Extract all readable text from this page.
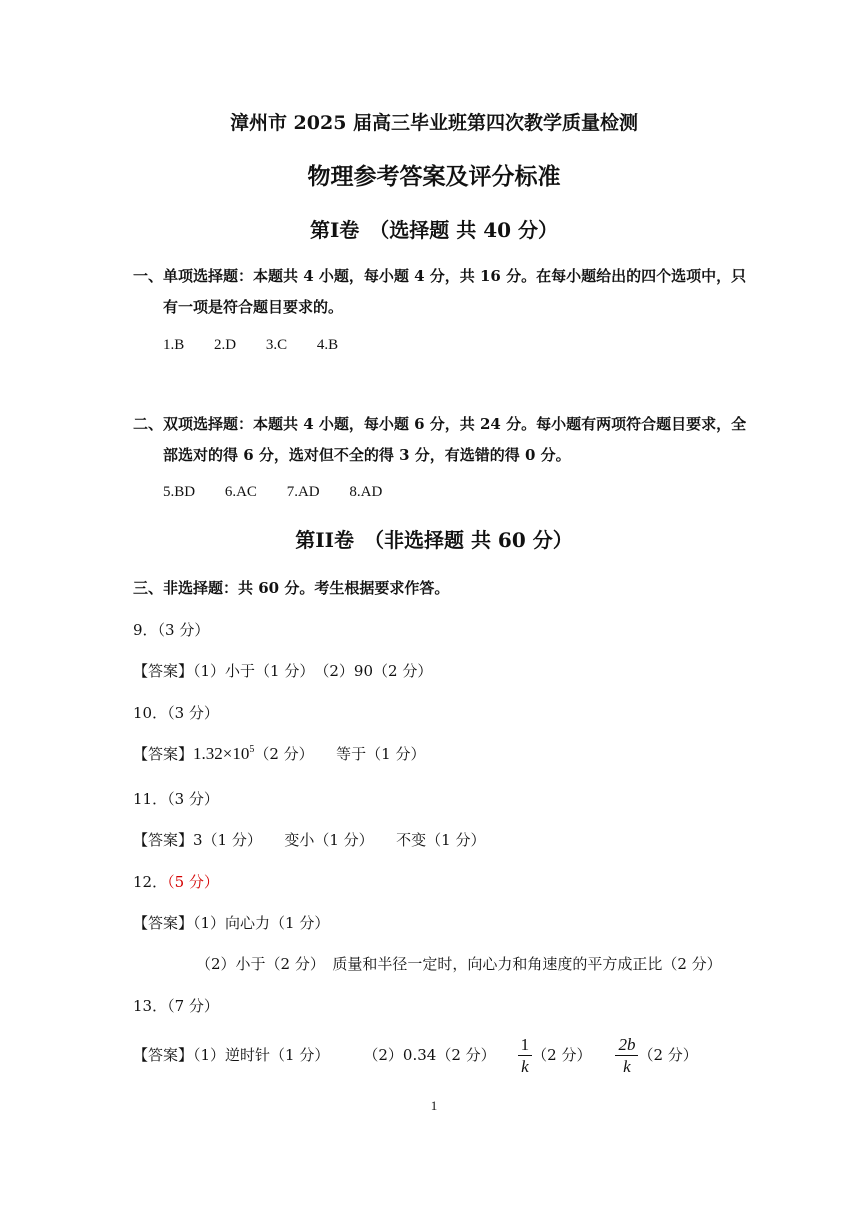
漳州市 2025 届高三毕业班第四次教学质量检测
物理参考答案及评分标准
第I卷　（选择题 共 40 分）
一、单项选择题：本题共 4 小题，每小题 4 分，共 16 分。在每小题给出的四个选项中，只
有一项是符合题目要求的。
1.B 2.D 3.C 4.B
二、双项选择题：本题共 4 小题，每小题 6 分，共 24 分。每小题有两项符合题目要求，全
部选对的得 6 分，选对但不全的得 3 分，有选错的得 0 分。
5.BD 6.AC 7.AD 8.AD
第II卷　（非选择题 共 60 分）
三、非选择题：共 60 分。考生根据要求作答。
9．（3 分）
【答案】（1）小于（1 分）　（2）90（2 分）
10．（3 分）
【答案】$1.32\times 10^5(2$ 分）　　等于（1 分）
11．（3 分）
【答案】3（1 分）　　变小（1 分）　　不变（1 分）
12．（5 分）
【答案】（1）向心力（1 分）
（2）小于（2 分）　质量和半径一定时，向心力和角速度的平方成正比（2 分）
13．（7 分）
【答案】（1）逆时针（1 分） （2）0.34（2 分） $\frac{1}{k} (2$ 分） $\frac{2b}{k} (2$ 分）
1
